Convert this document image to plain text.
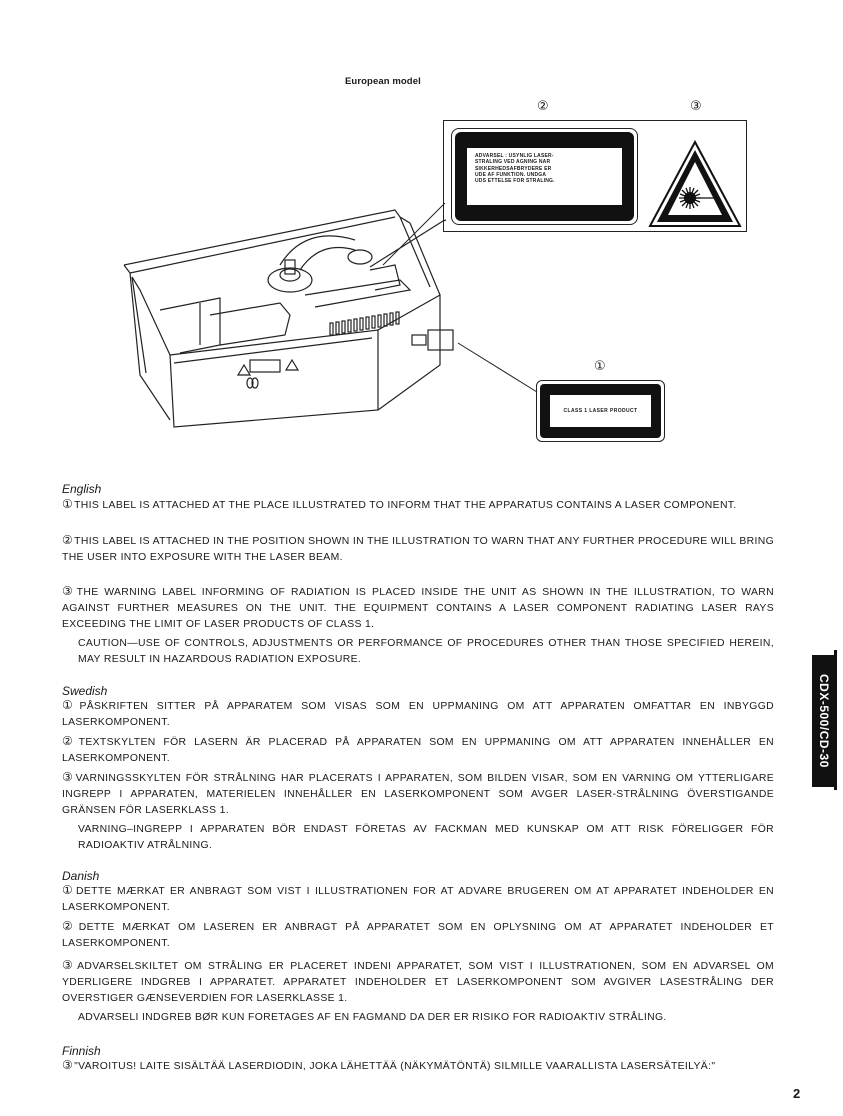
European model
②	③
①
ADVARSEL : USYNLIG LASER-
STRALING VED AGNING NAR
SIKKERHEDSAFBRYDERE ER
UDE AF FUNKTION. UNDGA
UDS ETTELSE FOR STRALING.
CLASS 1 LASER PRODUCT
English
①THIS LABEL IS ATTACHED AT THE PLACE ILLUSTRATED TO INFORM THAT THE APPARATUS CONTAINS A LASER COMPONENT.
②THIS LABEL IS ATTACHED IN THE POSITION SHOWN IN THE ILLUSTRATION TO WARN THAT ANY FURTHER PROCEDURE WILL BRING THE USER INTO EXPOSURE WITH THE LASER BEAM.
③THE WARNING LABEL INFORMING OF RADIATION IS PLACED INSIDE THE UNIT AS SHOWN IN THE ILLUSTRATION, TO WARN AGAINST FURTHER MEASURES ON THE UNIT. THE EQUIPMENT CONTAINS A LASER COMPONENT RADIATING LASER RAYS EXCEEDING THE LIMIT OF LASER PRODUCTS OF CLASS 1.
CAUTION—USE OF CONTROLS, ADJUSTMENTS OR PERFORMANCE OF PROCEDURES OTHER THAN THOSE SPECIFIED HEREIN, MAY RESULT IN HAZARDOUS RADIATION EXPOSURE.
Swedish
①PÅSKRIFTEN SITTER PÅ APPARATEM SOM VISAS SOM EN UPPMANING OM ATT APPARATEN OMFATTAR EN INBYGGD LASERKOMPONENT.
②TEXTSKYLTEN FÖR LASERN ÄR PLACERAD PÅ APPARATEN SOM EN UPPMANING OM ATT APPARATEN INNEHÅLLER EN LASERKOMPONENT.
③VARNINGSSKYLTEN FÖR STRÅLNING HAR PLACERATS I APPARATEN, SOM BILDEN VISAR, SOM EN VARNING OM YTTERLIGARE INGREPP I APPARATEN, MATERIELEN INNEHÅLLER EN LASERKOMPONENT SOM AVGER LASER-STRÅLNING ÖVERSTIGANDE GRÄNSEN FÖR LASERKLASS 1.
VARNING–INGREPP I APPARATEN BÖR ENDAST FÖRETAS AV FACKMAN MED KUNSKAP OM ATT RISK FÖRELIGGER FÖR RADIOAKTIV ATRÅLNING.
Danish
①DETTE MÆRKAT ER ANBRAGT SOM VIST I ILLUSTRATIONEN FOR AT ADVARE BRUGEREN OM AT APPARATET INDEHOLDER EN LASERKOMPONENT.
②DETTE MÆRKAT OM LASEREN ER ANBRAGT PÅ APPARATET SOM EN OPLYSNING OM AT APPARATET INDEHOLDER ET LASERKOMPONENT.
③ADVARSELSKILTET OM STRÅLING ER PLACERET INDENI APPARATET, SOM VIST I ILLUSTRATIONEN, SOM EN ADVARSEL OM YDERLIGERE INDGREB I APPARATET. APPARATET INDEHOLDER ET LASERKOMPONENT SOM AVGIVER LASESTRÅLING DER OVERSTIGER GÆNSEVERDIEN FOR LASERKLASSE 1.
ADVARSELI INDGREB BØR KUN FORETAGES AF EN FAGMAND DA DER ER RISIKO FOR RADIOAKTIV STRÅLING.
Finnish
③"VAROITUS! LAITE SISÄLTÄÄ LASERDIODIN, JOKA LÄHETTÄÄ (NÄKYMÄTÖNTÄ) SILMILLE VAARALLISTA LASERSÄTEILYÄ:"
CDX-500/CD-30
2
